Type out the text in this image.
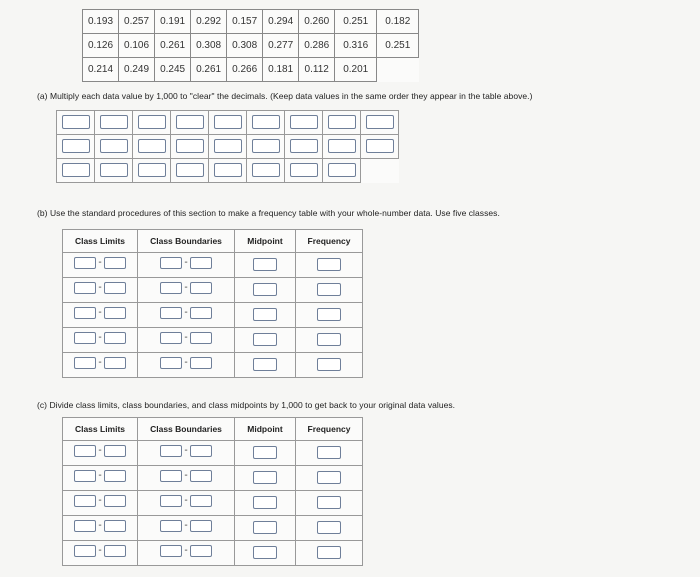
0.193	0.257	0.191	0.292	0.157	0.294	0.260	0.251	0.182
0.126	0.106	0.261	0.308	0.308	0.277	0.286	0.316	0.251
0.214	0.249	0.245	0.261	0.266	0.181	0.112	0.201	
(a) Multiply each data value by 1,000 to "clear" the decimals. (Keep data values in the same order they appear in the table above.)

(b) Use the standard procedures of this section to make a frequency table with your whole-number data. Use five classes.
Class Limits	Class Boundaries	Midpoint	Frequency

-	-		

-	-		

-	-		

-	-		

-	-		

(c) Divide class limits, class boundaries, and class midpoints by 1,000 to get back to your original data values.
Class Limits	Class Boundaries	Midpoint	Frequency

-	-		

-	-		

-	-		

-	-		

-	-		
